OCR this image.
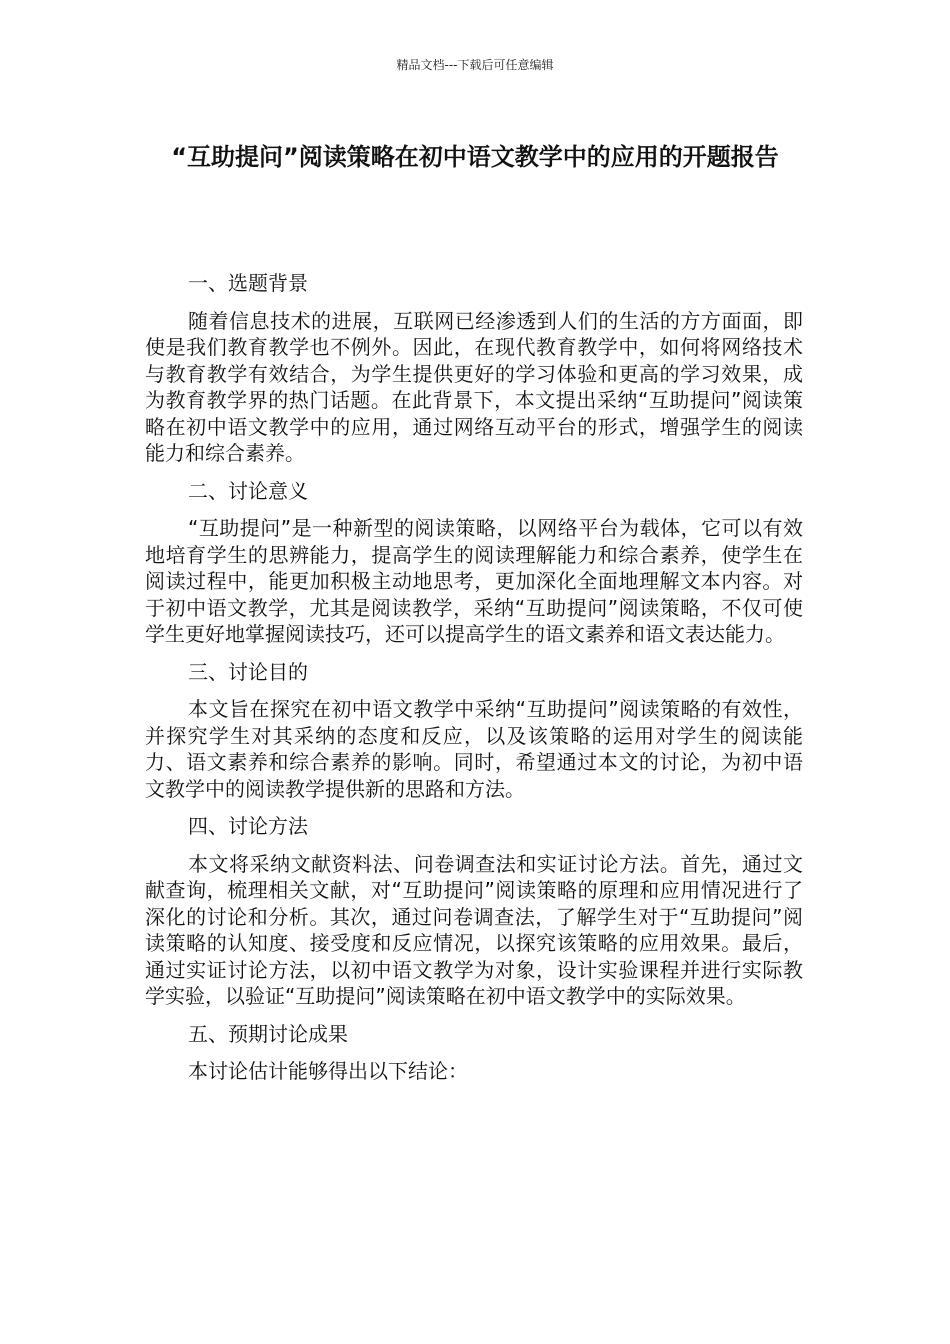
精品文档---下载后可任意编辑
“互助提问”阅读策略在初中语文教学中的应用的开题报告

一、选题背景

随着信息技术的进展，互联网已经渗透到人们的生活的方方面面，即使是我们教育教学也不例外。因此，在现代教育教学中，如何将网络技术与教育教学有效结合，为学生提供更好的学习体验和更高的学习效果，成为教育教学界的热门话题。在此背景下，本文提出采纳“互助提问”阅读策略在初中语文教学中的应用，通过网络互动平台的形式，增强学生的阅读能力和综合素养。

二、讨论意义

“互助提问”是一种新型的阅读策略，以网络平台为载体，它可以有效地培育学生的思辨能力，提高学生的阅读理解能力和综合素养，使学生在阅读过程中，能更加积极主动地思考，更加深化全面地理解文本内容。对于初中语文教学，尤其是阅读教学，采纳“互助提问”阅读策略，不仅可使学生更好地掌握阅读技巧，还可以提高学生的语文素养和语文表达能力。

三、讨论目的

本文旨在探究在初中语文教学中采纳“互助提问”阅读策略的有效性，并探究学生对其采纳的态度和反应，以及该策略的运用对学生的阅读能力、语文素养和综合素养的影响。同时，希望通过本文的讨论，为初中语文教学中的阅读教学提供新的思路和方法。

四、讨论方法

本文将采纳文献资料法、问卷调查法和实证讨论方法。首先，通过文献查询，梳理相关文献，对“互助提问”阅读策略的原理和应用情况进行了深化的讨论和分析。其次，通过问卷调查法，了解学生对于“互助提问”阅读策略的认知度、接受度和反应情况，以探究该策略的应用效果。最后，通过实证讨论方法，以初中语文教学为对象，设计实验课程并进行实际教学实验，以验证“互助提问”阅读策略在初中语文教学中的实际效果。

五、预期讨论成果

本讨论估计能够得出以下结论：
